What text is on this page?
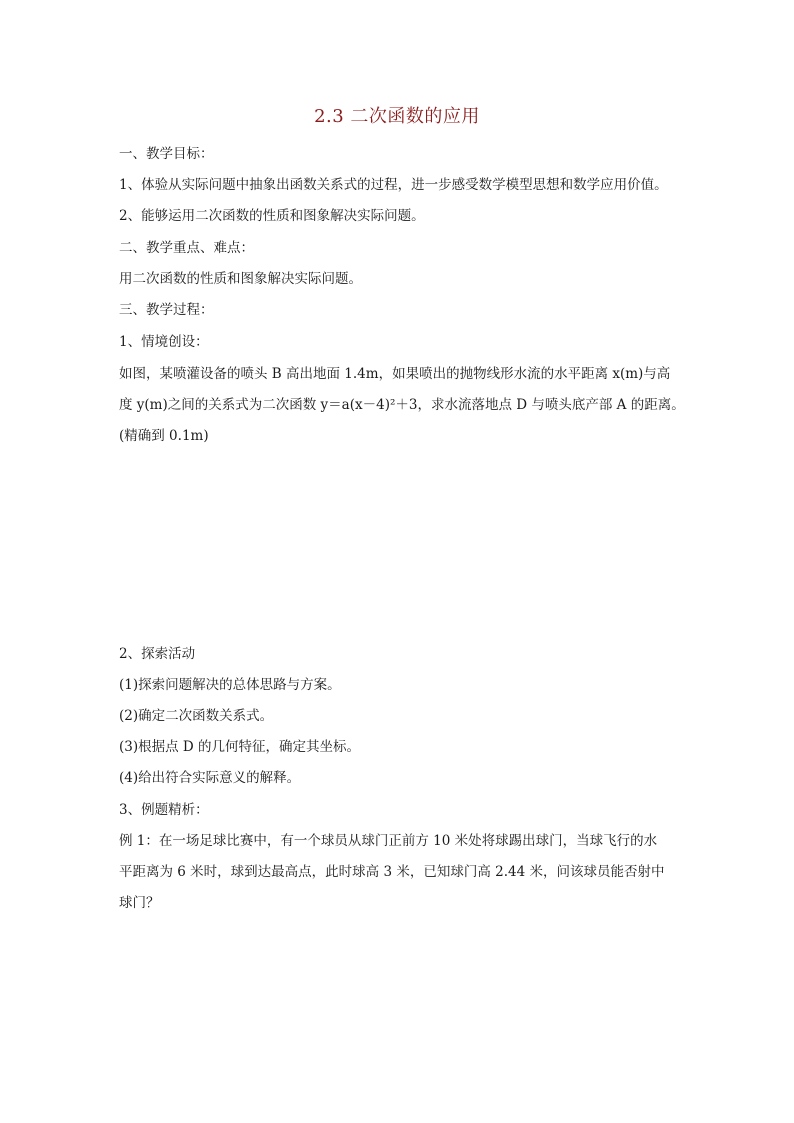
2.3 二次函数的应用
一、教学目标：
1、体验从实际问题中抽象出函数关系式的过程，进一步感受数学模型思想和数学应用价值。
2、能够运用二次函数的性质和图象解决实际问题。
二、教学重点、难点：
用二次函数的性质和图象解决实际问题。
三、教学过程：
1、情境创设：
如图，某喷灌设备的喷头 B 高出地面 1.4m，如果喷出的抛物线形水流的水平距离 x(m)与高
度 y(m)之间的关系式为二次函数 y＝a(x－4)²＋3，求水流落地点 D 与喷头底产部 A 的距离。
(精确到 0.1m)
2、探索活动
(1)探索问题解决的总体思路与方案。
(2)确定二次函数关系式。
(3)根据点 D 的几何特征，确定其坐标。
(4)给出符合实际意义的解释。
3、例题精析：
例 1：在一场足球比赛中，有一个球员从球门正前方 10 米处将球踢出球门，当球飞行的水
平距离为 6 米时，球到达最高点，此时球高 3 米，已知球门高 2.44 米，问该球员能否射中
球门？
